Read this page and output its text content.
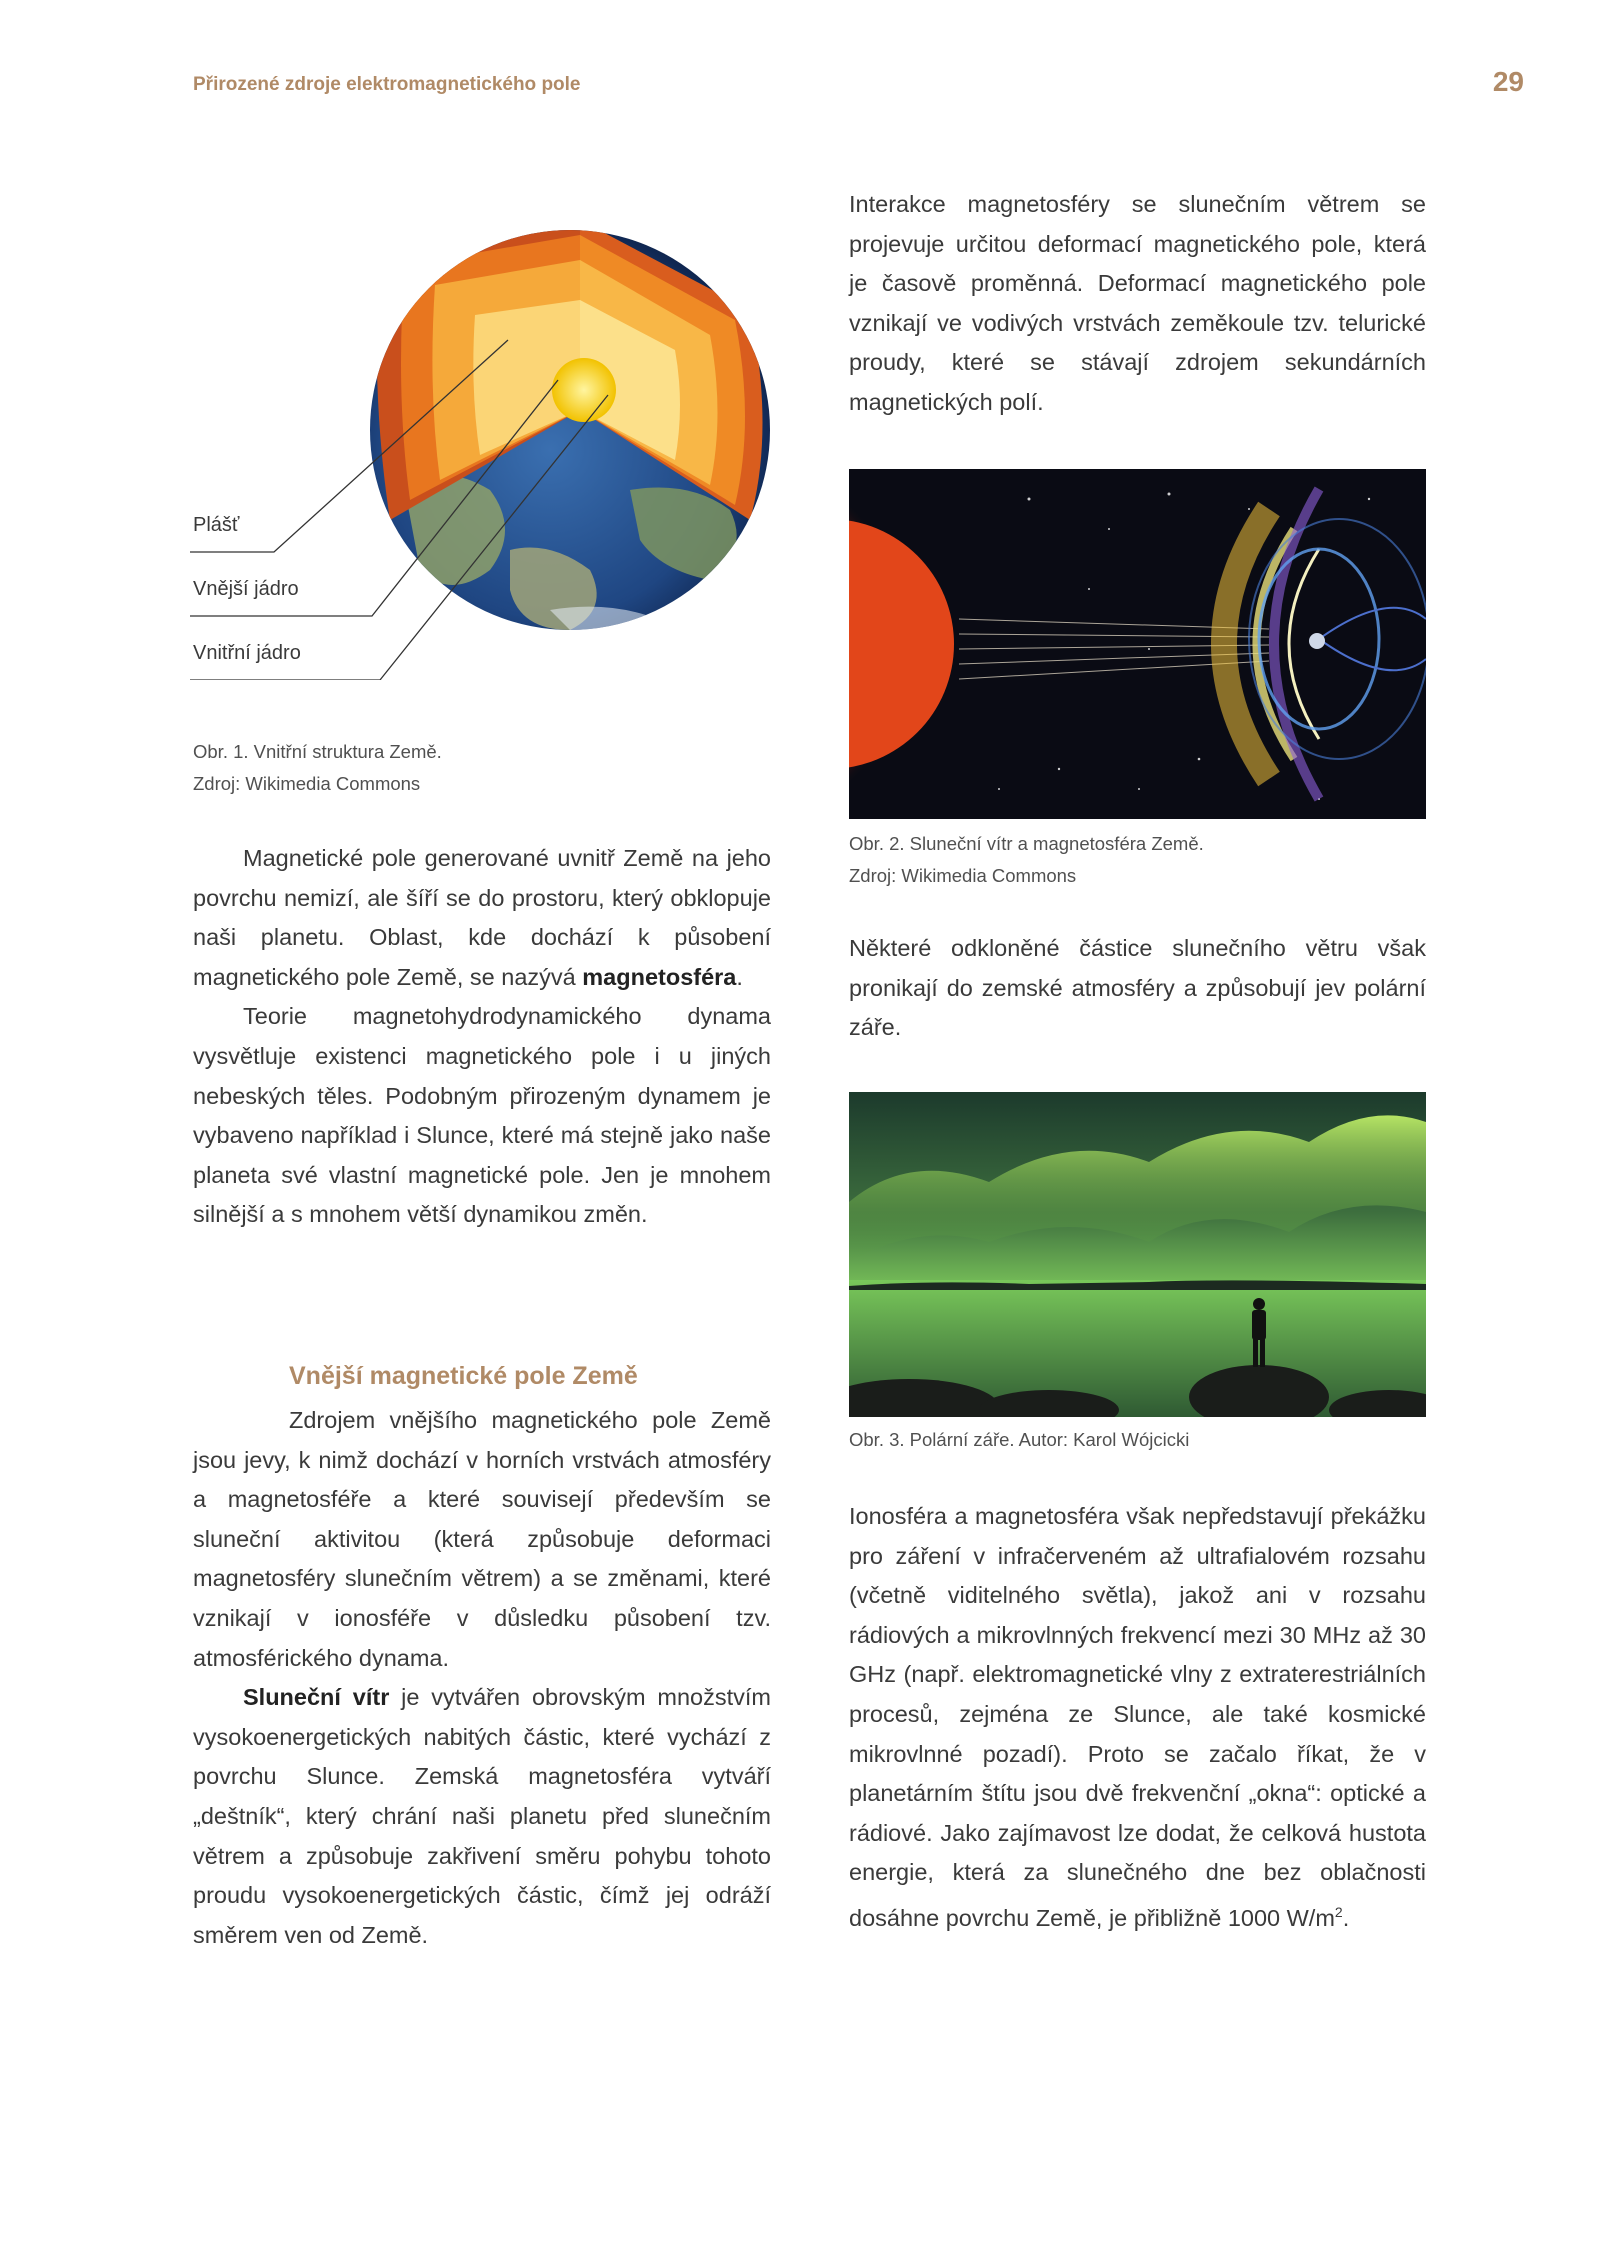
Přirozené zdroje elektromagnetického pole	29
Plášť
Vnější jádro
Vnitřní jádro
Obr. 1. Vnitřní struktura Země.
Zdroj: Wikimedia Commons

Interakce magnetosféry se slunečním větrem se projevuje určitou deformací magnetického pole, která je časově proměnná. Deformací magnetického pole vznikají ve vodivých vrstvách zeměkoule tzv. telurické proudy, které se stávají zdrojem sekundárních magnetických polí.

Obr. 2. Sluneční vítr a magnetosféra Země.
Zdroj: Wikimedia Commons

Některé odkloněné částice slunečního větru však pronikají do zemské atmosféry a způsobují jev polární záře.

Obr. 3. Polární záře. Autor: Karol Wójcicki

Ionosféra a magnetosféra však nepředstavují překážku pro záření v infračerveném až ultrafialovém rozsahu (včetně viditelného světla), jakož ani v rozsahu rádiových a mikrovlnných frekvencí mezi 30 MHz až 30 GHz (např. elektromagnetické vlny z extraterestriálních procesů, zejména ze Slunce, ale také kosmické mikrovlnné pozadí). Proto se začalo říkat, že v planetárním štítu jsou dvě frekvenční „okna“: optické a rádiové. Jako zajímavost lze dodat, že celková hustota energie, která za slunečného dne bez oblačnosti dosáhne povrchu Země, je přibližně 1000 $W/m^2$.

Magnetické pole generované uvnitř Země na jeho povrchu nemizí, ale šíří se do prostoru, který obklopuje naši planetu. Oblast, kde dochází k působení magnetického pole Země, se nazývá magnetosféra.

Teorie magnetohydrodynamického dynama vysvětluje existenci magnetického pole i u jiných nebeských těles. Podobným přirozeným dynamem je vybaveno například i Slunce, které má stejně jako naše planeta své vlastní magnetické pole. Jen je mnohem silnější a s mnohem větší dynamikou změn.

Vnější magnetické pole Země

Zdrojem vnějšího magnetického pole Země jsou jevy, k nimž dochází v horních vrstvách atmosféry a magnetosféře a které souvisejí především se sluneční aktivitou (která způsobuje deformaci magnetosféry slunečním větrem) a se změnami, které vznikají v ionosféře v důsledku působení tzv. atmosférického dynama.

Sluneční vítr je vytvářen obrovským množstvím vysokoenergetických nabitých částic, které vychází z povrchu Slunce. Zemská magnetosféra vytváří „deštník“, který chrání naši planetu před slunečním větrem a způsobuje zakřivení směru pohybu tohoto proudu vysokoenergetických částic, čímž jej odráží směrem ven od Země.
